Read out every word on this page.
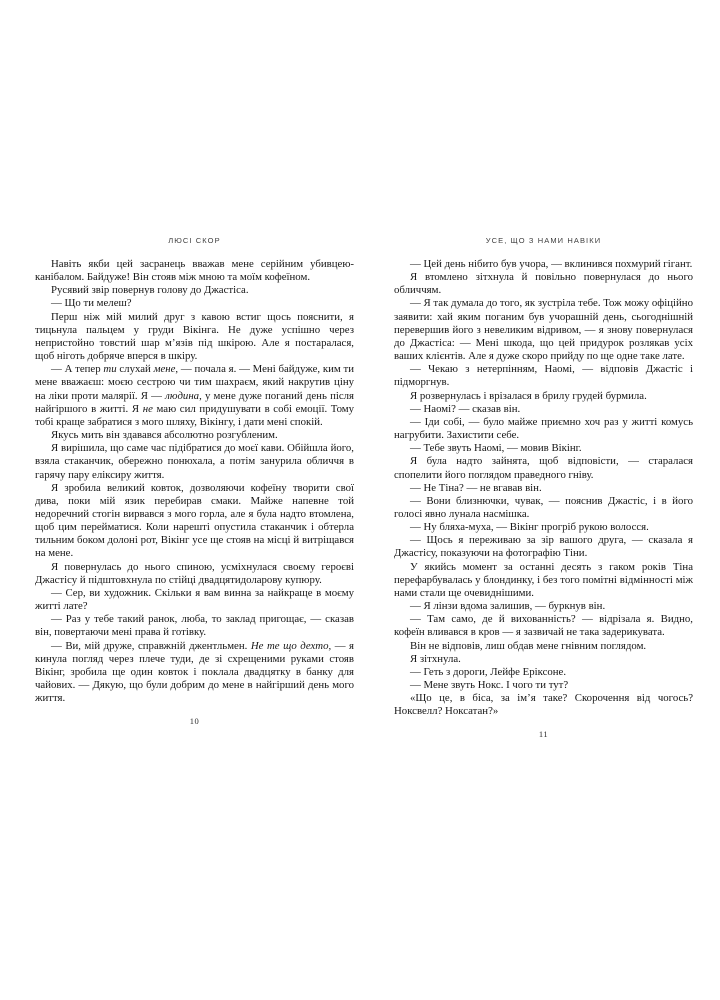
ЛЮСІ СКОР

Навіть якби цей засранець вважав мене серійним убивцею-канібалом. Байдуже! Він стояв між мною та моїм кофеїном.

Русявий звір повернув голову до Джастіса.

— Що ти мелеш?

Перш ніж мій милий друг з кавою встиг щось пояснити, я тицьнула пальцем у груди Вікінга. Не дуже успішно через непристойно товстий шар м’язів під шкірою. Але я постаралася, щоб ніготь добряче вперся в шкіру.

— А тепер ти слухай мене, — почала я. — Мені байдуже, ким ти мене вважаєш: моєю сестрою чи тим шахраєм, який накрутив ціну на ліки проти малярії. Я — людина, у мене дуже поганий день після найгіршого в житті. Я не маю сил придушувати в собі емоції. Тому тобі краще забратися з мого шляху, Вікінгу, і дати мені спокій.

Якусь мить він здавався абсолютно розгубленим.

Я вирішила, що саме час підібратися до моєї кави. Обійшла його, взяла стаканчик, обережно понюхала, а потім занурила обличчя в гарячу пару еліксиру життя.

Я зробила великий ковток, дозволяючи кофеїну творити свої дива, поки мій язик перебирав смаки. Майже напевне той недоречний стогін вирвався з мого горла, але я була надто втомлена, щоб цим перейматися. Коли нарешті опустила стаканчик і обтерла тильним боком долоні рот, Вікінг усе ще стояв на місці й витріщався на мене.

Я повернулась до нього спиною, усміхнулася своєму героєві Джастісу й підштовхнула по стійці двадцятидоларову купюру.

— Сер, ви художник. Скільки я вам винна за найкраще в моєму житті лате?

— Раз у тебе такий ранок, люба, то заклад пригощає, — сказав він, повертаючи мені права й готівку.

— Ви, мій друже, справжній джентльмен. Не те що дехто, — я кинула погляд через плече туди, де зі схрещеними руками стояв Вікінг, зробила ще один ковток і поклала двадцятку в банку для чайових. — Дякую, що були добрим до мене в найгірший день мого життя.

10
УСЕ, ЩО З НАМИ НАВІКИ

— Цей день нібито був учора, — вклинився похмурий гігант.

Я втомлено зітхнула й повільно повернулася до нього обличчям.

— Я так думала до того, як зустріла тебе. Тож можу офіційно заявити: хай яким поганим був учорашній день, сьогоднішній перевершив його з невеликим відривом, — я знову повернулася до Джастіса: — Мені шкода, що цей придурок розлякав усіх ваших клієнтів. Але я дуже скоро прийду по ще одне таке лате.

— Чекаю з нетерпінням, Наомі, — відповів Джастіс і підморгнув.

Я розвернулась і врізалася в брилу грудей бурмила.

— Наомі? — сказав він.

— Іди собі, — було майже приємно хоч раз у житті комусь нагрубити. Захистити себе.

— Тебе звуть Наомі, — мовив Вікінг.

Я була надто зайнята, щоб відповісти, — старалася спопелити його поглядом праведного гніву.

— Не Тіна? — не вгавав він.

— Вони близнючки, чувак, — пояснив Джастіс, і в його голосі явно лунала насмішка.

— Ну бляха-муха, — Вікінг прогріб рукою волосся.

— Щось я переживаю за зір вашого друга, — сказала я Джастісу, показуючи на фотографію Тіни.

У якийсь момент за останні десять з гаком років Тіна перефарбувалась у блондинку, і без того помітні відмінності між нами стали ще очевиднішими.

— Я лінзи вдома залишив, — буркнув він.

— Там само, де й вихованність? — відрізала я. Видно, кофеїн вливався в кров — я зазвичай не така задерикувата.

Він не відповів, лиш обдав мене гнівним поглядом.

Я зітхнула.

— Геть з дороги, Лейфе Еріксоне.

— Мене звуть Нокс. І чого ти тут?

«Що це, в біса, за ім’я таке? Скорочення від чогось? Ноксвелл? Ноксатан?»

11
